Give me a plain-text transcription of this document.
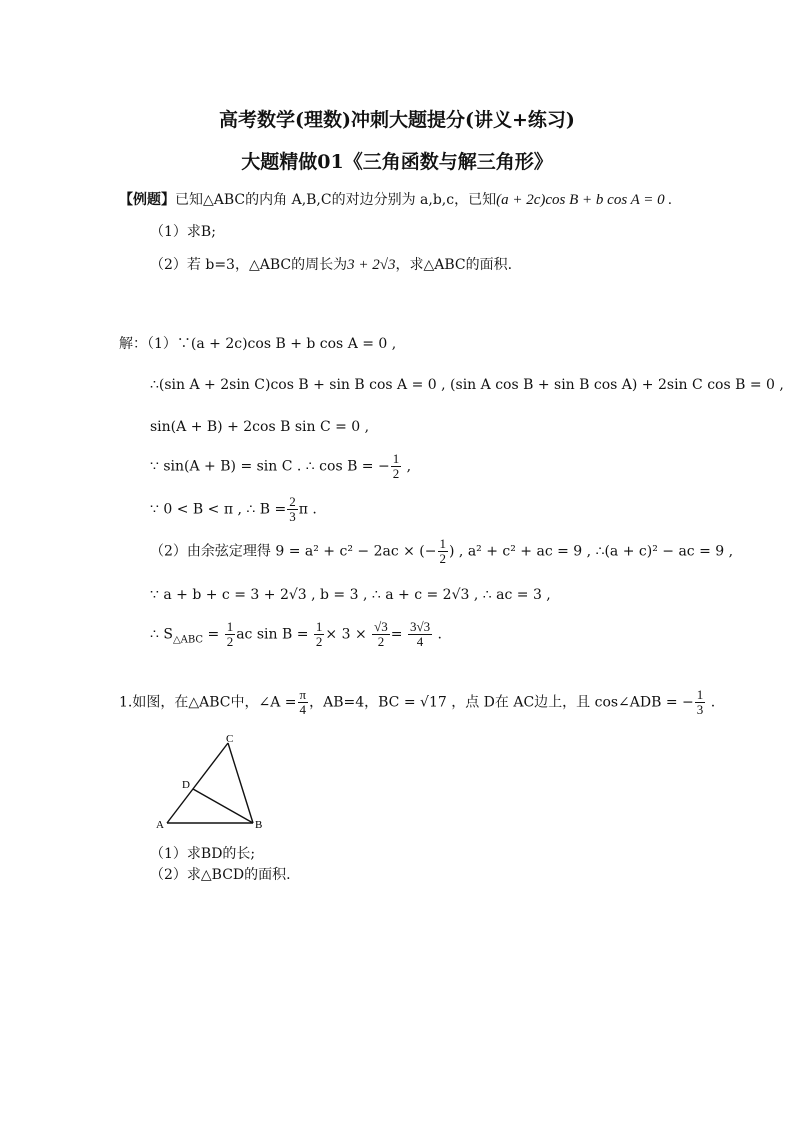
高考数学(理数)冲刺大题提分(讲义+练习)
大题精做01《三角函数与解三角形》
【例题】已知△ABC的内角 A,B,C的对边分别为 a,b,c，已知(a + 2c)cos B + b cos A = 0 .
（1）求B;
（2）若 b=3，△ABC的周长为3 + 2√3，求△ABC的面积.
解：（1）∵(a + 2c)cos B + b cos A = 0 ,
∴(sin A + 2sin C)cos B + sin B cos A = 0 , (sin A cos B + sin B cos A) + 2sin C cos B = 0 ,
sin(A + B) + 2cos B sin C = 0 ,
∵ sin(A + B) = sin C . ∴ cos B = − $\frac{1}{2}$ ,
∵ 0 < B < π , ∴ $B = \frac{2}{3}$ π .
（2）由余弦定理得 9 = a² + c² − 2ac × (− $\frac{1}{2}$ ) , a² + c² + ac = 9 , ∴(a + c)² − ac = 9 ,
∵ a + b + c = 3 + 2√3 , b = 3 , ∴ a + c = 2√3 , ∴ ac = 3 ,
∴ $S_{\triangle ABC} = \frac{1}{2}$ ac $\sin B = \frac{1}{2} \times 3 \times \frac{√3}{2} = \frac{3√3}{4}$ .
1.如图，在△ABC中，∠A = $\frac{\pi}{4}$ ，AB=4，BC = √17 ，点 D在 AC边上，且 cos∠ADB = − $\frac{1}{3}$ .
A	B
C
D
（1）求BD的长;
（2）求△BCD的面积.
